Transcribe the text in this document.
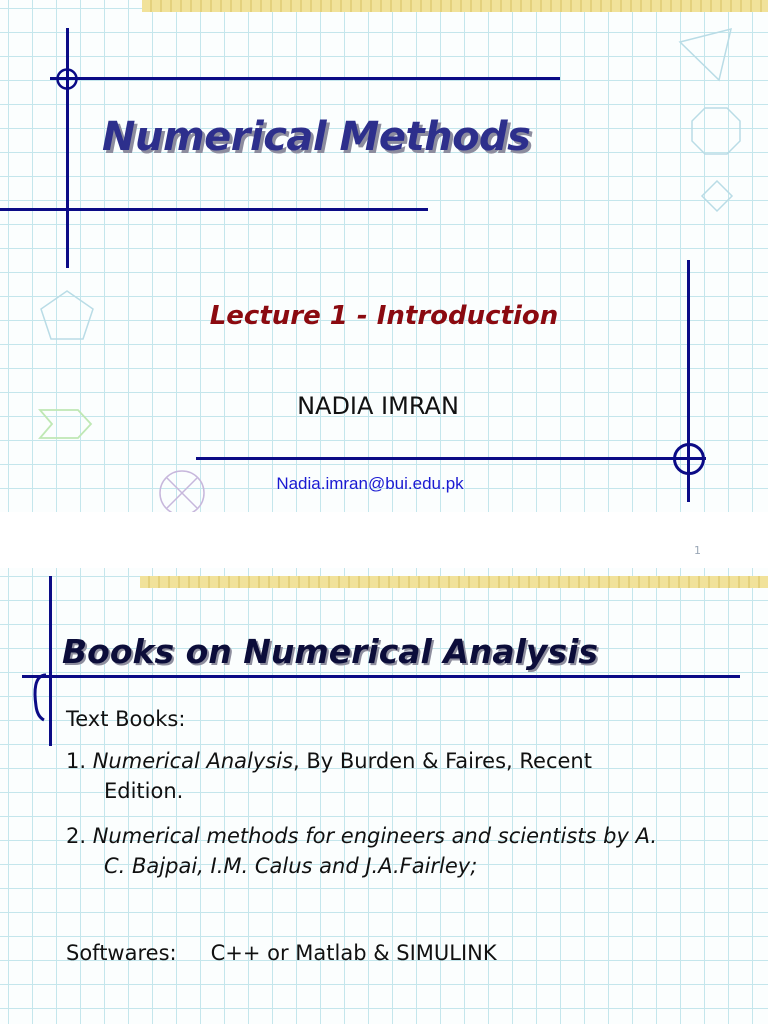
Numerical Methods
Lecture 1 - Introduction
NADIA IMRAN
Nadia.imran@bui.edu.pk
1
Books on Numerical Analysis
Text Books:
1. Numerical Analysis, By Burden & Faires, Recent
Edition.
2. Numerical methods for engineers and scientists by A.
C. Bajpai, I.M. Calus and J.A.Fairley;
Softwares: C++ or Matlab & SIMULINK
